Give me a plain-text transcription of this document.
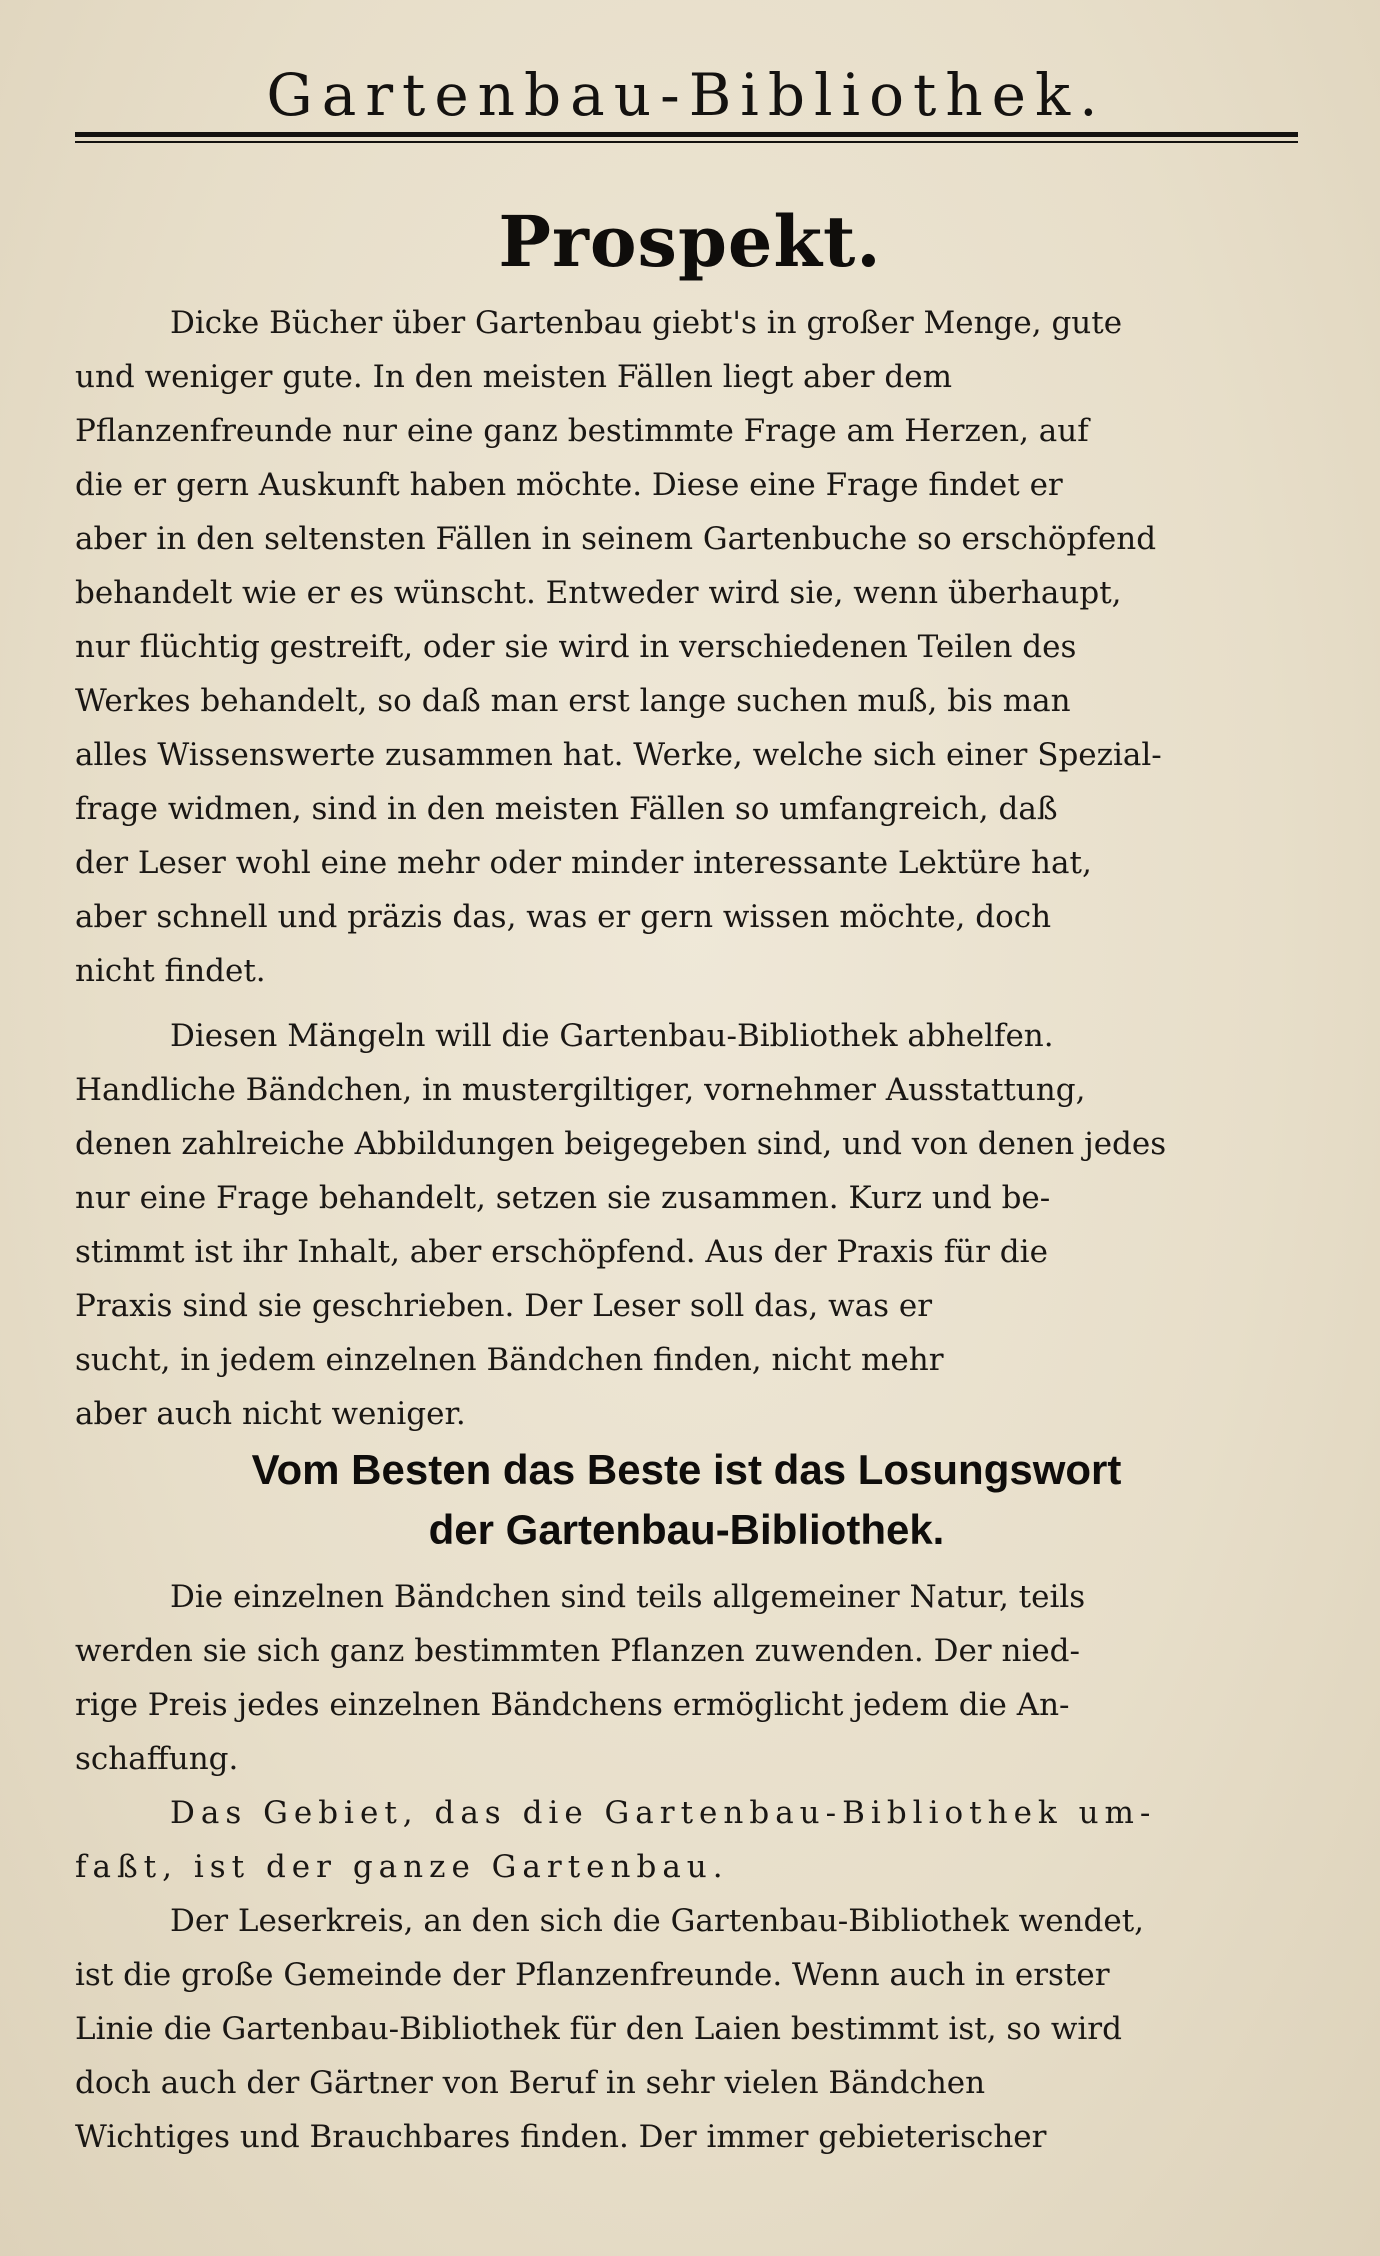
Gartenbau-Bibliothek.
Prospekt.

Dicke Bücher über Gartenbau giebt's in großer Menge, gute
und weniger gute. In den meisten Fällen liegt aber dem
Pflanzenfreunde nur eine ganz bestimmte Frage am Herzen, auf
die er gern Auskunft haben möchte. Diese eine Frage findet er
aber in den seltensten Fällen in seinem Gartenbuche so erschöpfend
behandelt wie er es wünscht. Entweder wird sie, wenn überhaupt,
nur flüchtig gestreift, oder sie wird in verschiedenen Teilen des
Werkes behandelt, so daß man erst lange suchen muß, bis man
alles Wissenswerte zusammen hat. Werke, welche sich einer Spezial-
frage widmen, sind in den meisten Fällen so umfangreich, daß
der Leser wohl eine mehr oder minder interessante Lektüre hat,
aber schnell und präzis das, was er gern wissen möchte, doch
nicht findet.

Diesen Mängeln will die Gartenbau-Bibliothek abhelfen.
Handliche Bändchen, in mustergiltiger, vornehmer Ausstattung,
denen zahlreiche Abbildungen beigegeben sind, und von denen jedes
nur eine Frage behandelt, setzen sie zusammen. Kurz und be-
stimmt ist ihr Inhalt, aber erschöpfend. Aus der Praxis für die
Praxis sind sie geschrieben. Der Leser soll das, was er
sucht, in jedem einzelnen Bändchen finden, nicht mehr
aber auch nicht weniger.

Vom Besten das Beste ist das Losungswort
der Gartenbau-Bibliothek.

Die einzelnen Bändchen sind teils allgemeiner Natur, teils
werden sie sich ganz bestimmten Pflanzen zuwenden. Der nied-
rige Preis jedes einzelnen Bändchens ermöglicht jedem die An-
schaffung.

Das Gebiet, das die Gartenbau-Bibliothek um-
faßt, ist der ganze Gartenbau.

Der Leserkreis, an den sich die Gartenbau-Bibliothek wendet,
ist die große Gemeinde der Pflanzenfreunde. Wenn auch in erster
Linie die Gartenbau-Bibliothek für den Laien bestimmt ist, so wird
doch auch der Gärtner von Beruf in sehr vielen Bändchen
Wichtiges und Brauchbares finden. Der immer gebieterischer
